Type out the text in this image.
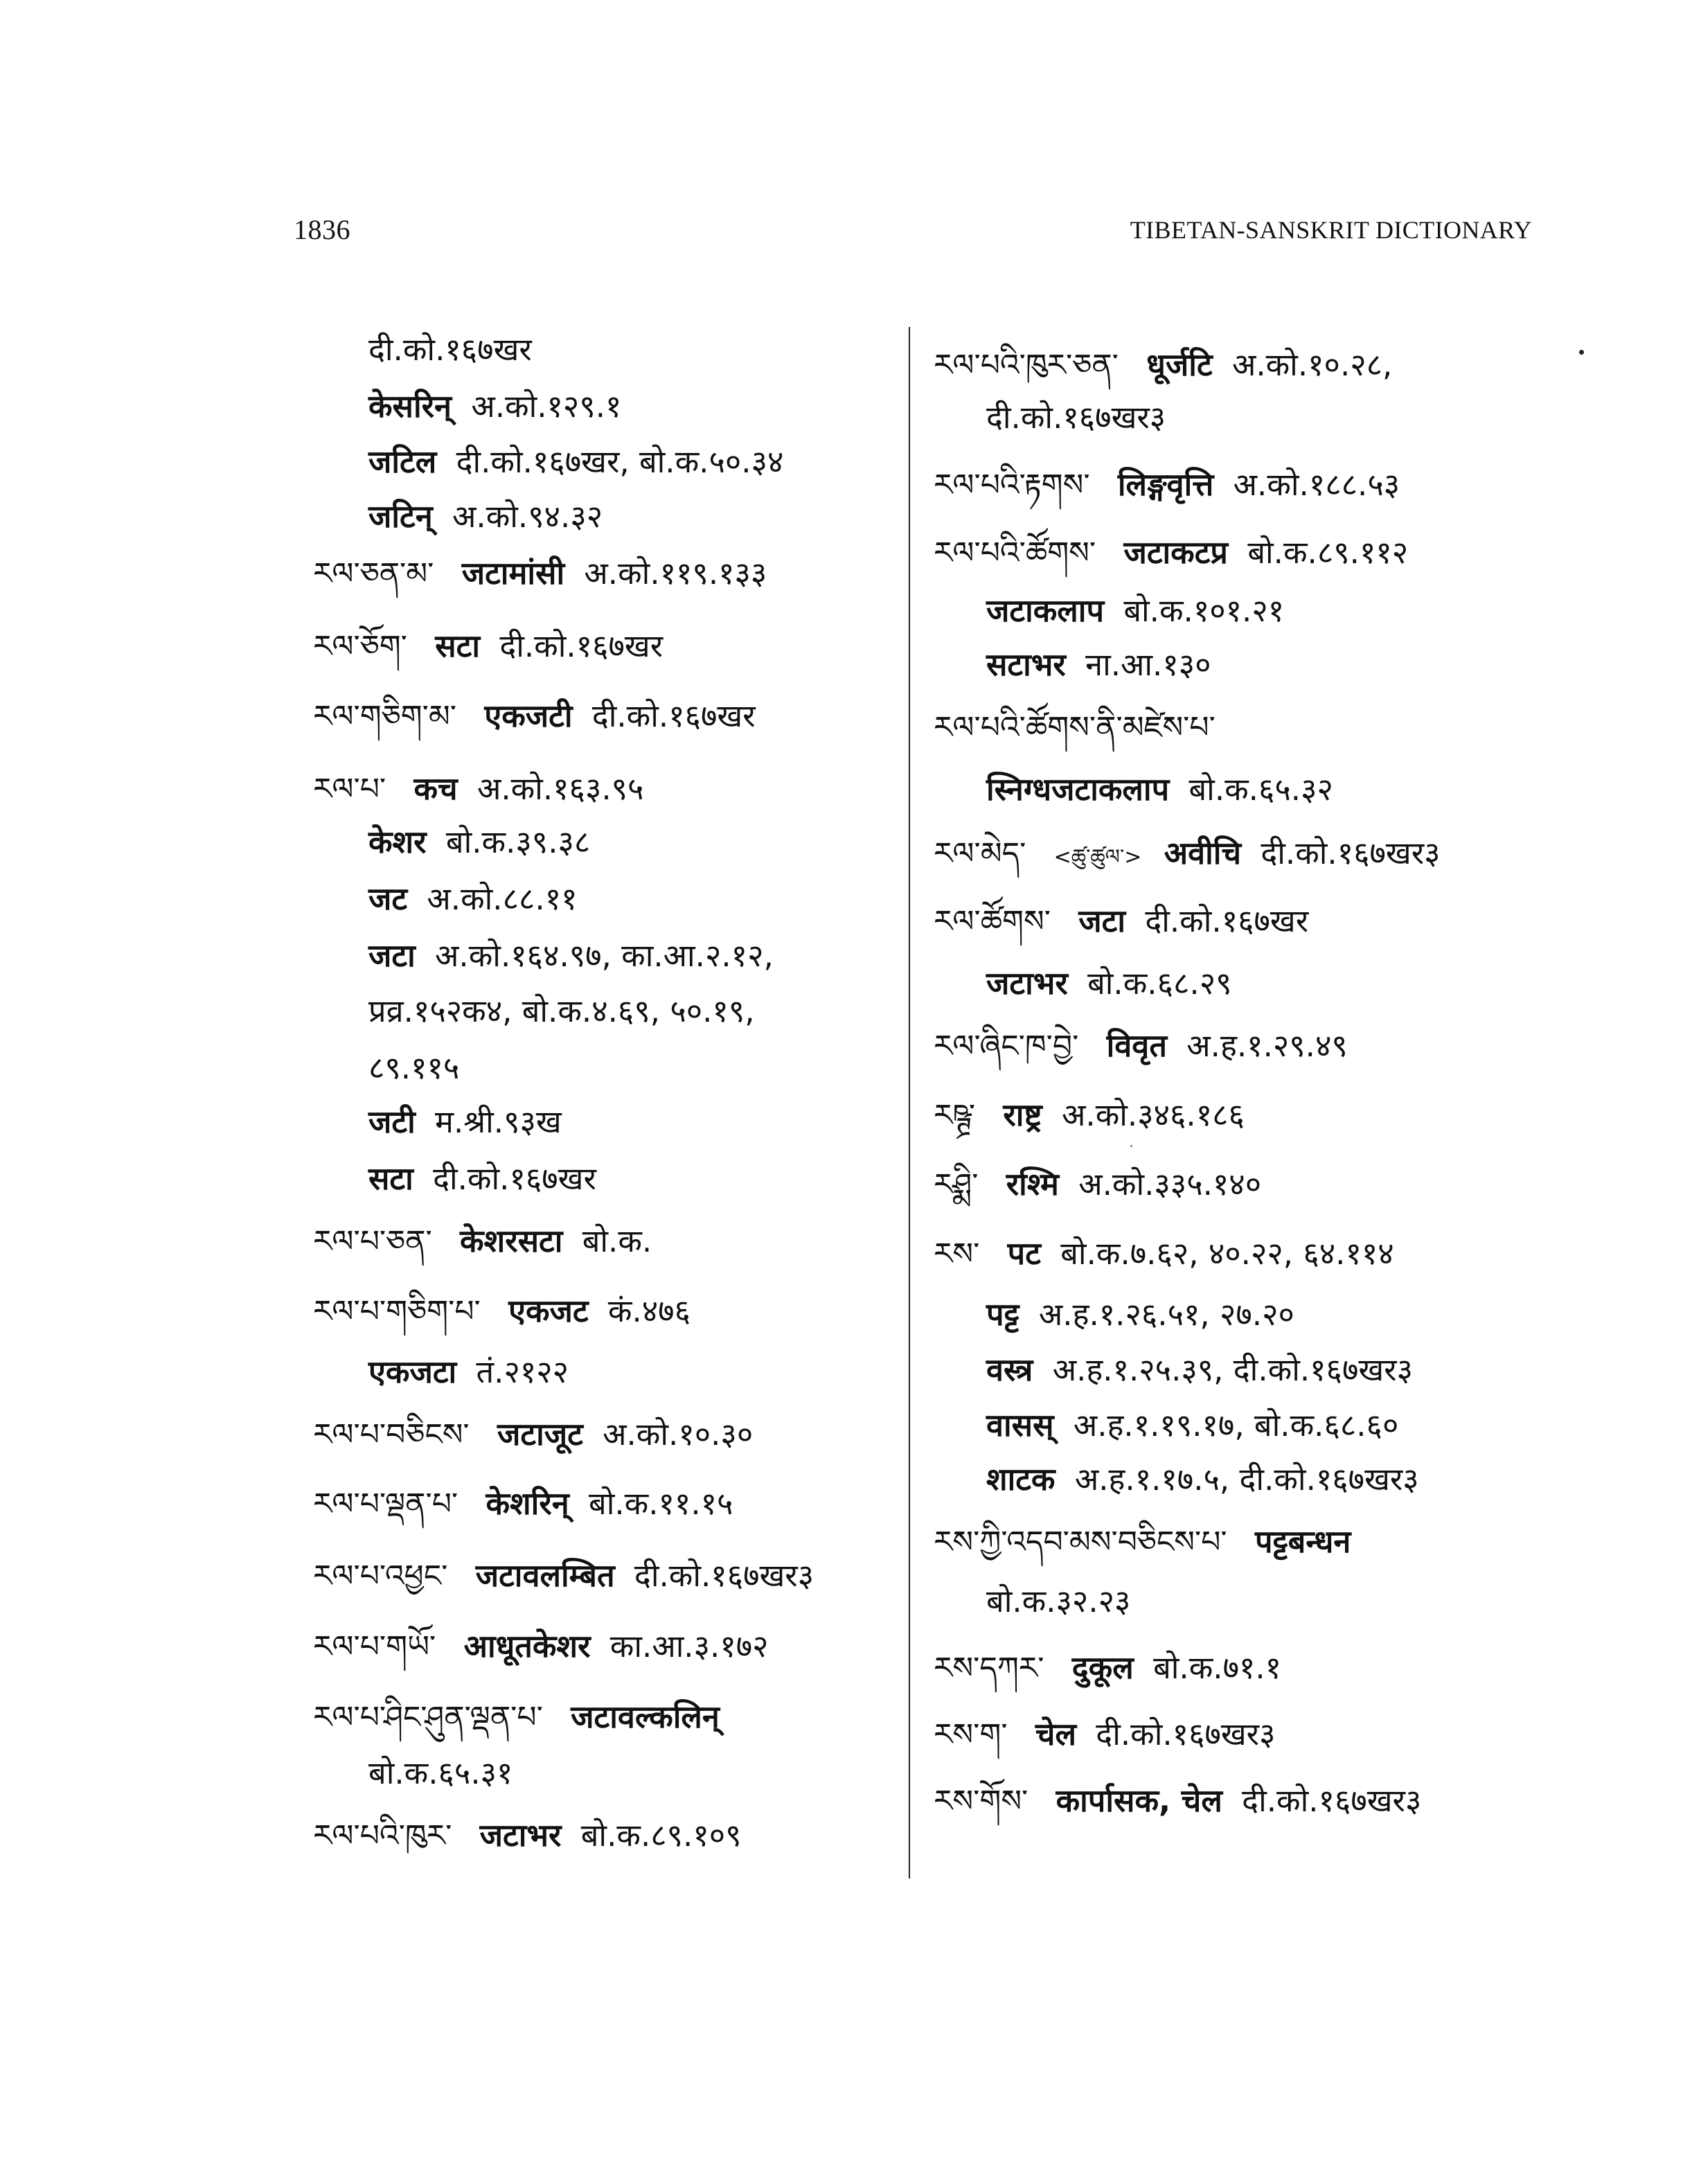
1836	TIBETAN-SANSKRIT DICTIONARY
दी.को.१६७खर
केसरिन् अ.को.१२९.१
जटिल दी.को.१६७खर, बो.क.५०.३४
जटिन् अ.को.९४.३२
རལ་ཅན་མ་ जटामांसी अ.को.११९.१३३
རལ་ཅོག་ सटा दी.को.१६७खर
རལ་གཅིག་མ་ एकजटी दी.को.१६७खर
རལ་པ་ कच अ.को.१६३.९५
केशर बो.क.३९.३८
जट अ.को.८८.११
जटा अ.को.१६४.९७, का.आ.२.१२,
प्रव्र.१५२क४, बो.क.४.६९, ५०.१९,
८९.११५
जटी म.श्री.९३ख
सटा दी.को.१६७खर
རལ་པ་ཅན་ केशरसटा बो.क.
རལ་པ་གཅིག་པ་ एकजट कं.४७६
एकजटा तं.२१२२
རལ་པ་བཅིངས་ जटाजूट अ.को.१०.३०
རལ་པ་ལྡན་པ་ केशरिन् बो.क.११.१५
རལ་པ་འཕྱང་ जटावलम्बित दी.को.१६७खर३
རལ་པ་གཡོ་ आधूतकेशर का.आ.३.१७२
རལ་པ་ཤིང་ཤུན་ལྡན་པ་ जटावल्कलिन्
बो.क.६५.३१
རལ་པའི་ཁུར་ जटाभर बो.क.८९.१०९
རལ་པའི་ཁུར་ཅན་ धूर्जटि अ.को.१०.२८,
दी.को.१६७खर३
རལ་པའི་རྟགས་ लिङ्गवृत्ति अ.को.१८८.५३
རལ་པའི་ཚོགས་ जटाकटप्र बो.क.८९.११२
जटाकलाप बो.क.१०१.२१
सटाभर ना.आ.१३०
རལ་པའི་ཚོགས་ནི་མཛེས་པ་
स्निग्धजटाकलाप बो.क.६५.३२
རལ་མེད་ <ཚུ་ཚུལ་> अवीचि दी.को.१६७खर३
རལ་ཚོགས་ जटा दी.को.१६७खर
जटाभर बो.क.६८.२९
རལ་ཞིང་ཁ་བྱེ་ विवृत अ.ह.१.२९.४९
རཥྚྲ་ राष्ट्र अ.को.३४६.१८६
རཤྨི་ रश्मि अ.को.३३५.१४०
རས་ पट बो.क.७.६२, ४०.२२, ६४.११४
पट्ट अ.ह.१.२६.५१, २७.२०
वस्त्र अ.ह.१.२५.३९, दी.को.१६७खर३
वासस् अ.ह.१.१९.१७, बो.क.६८.६०
शाटक अ.ह.१.१७.५, दी.को.१६७खर३
རས་ཀྱི་འདབ་མས་བཅིངས་པ་ पट्टबन्धन
बो.क.३२.२३
རས་དཀར་ दुकूल बो.क.७१.१
རས་ག་ चेल दी.को.१६७खर३
རས་གོས་ कार्पासक, चेल दी.को.१६७खर३
